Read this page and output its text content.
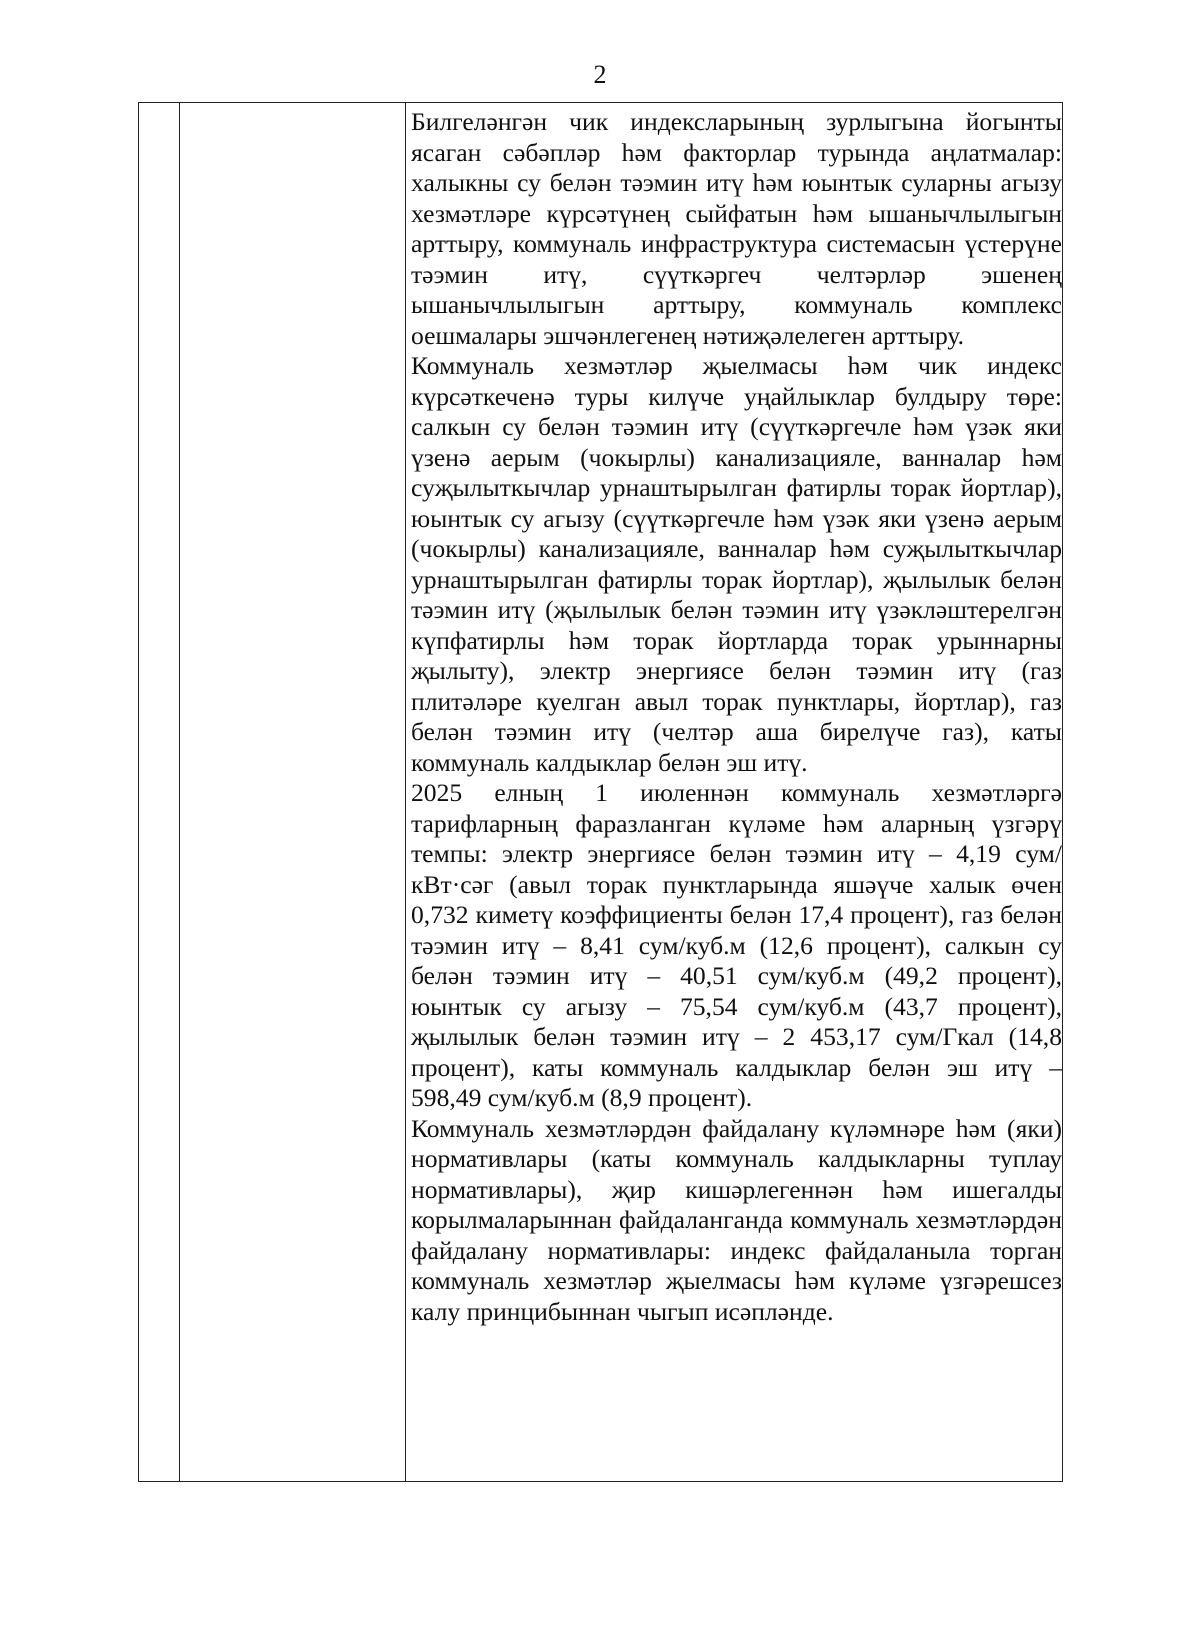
2

Билгеләнгән чик индексларының зурлыгына йогынты ясаган сәбәпләр һәм факторлар турында аңлатмалар: халыкны су белән тәэмин итү һәм юынтык суларны агызу хезмәтләре күрсәтүнең сыйфатын һәм ышанычлылыгын арттыру, коммуналь инфраструктура системасын үстерүне тәэмин итү, сүүткәргеч челтәрләр эшенең ышанычлылыгын арттыру, коммуналь комплекс оешмалары эшчәнлегенең нәтиҗәлелеген арттыру.

Коммуналь хезмәтләр җыелмасы һәм чик индекс күрсәткеченә туры килүче уңайлыклар булдыру төре: салкын су белән тәэмин итү (сүүткәргечле һәм үзәк яки үзенә аерым (чокырлы) канализацияле, ванналар һәм суҗылыткычлар урнаштырылган фатирлы торак йортлар), юынтык су агызу (сүүткәргечле һәм үзәк яки үзенә аерым (чокырлы) канализацияле, ванналар һәм суҗылыткычлар урнаштырылган фатирлы торак йортлар), җылылык белән тәэмин итү (җылылык белән тәэмин итү үзәкләштерелгән күпфатирлы һәм торак йортларда торак урыннарны җылыту), электр энергиясе белән тәэмин итү (газ плитәләре куелган авыл торак пунктлары, йортлар), газ белән тәэмин итү (челтәр аша бирелүче газ), каты коммуналь калдыклар белән эш итү.

2025 елның 1 июленнән коммуналь хезмәтләргә тарифларның фаразланган күләме һәм аларның үзгәрү темпы: электр энергиясе белән тәэмин итү – 4,19 сум/кВт·сәг (авыл торак пунктларында яшәүче халык өчен 0,732 киметү коэффициенты белән 17,4 процент), газ белән тәэмин итү – 8,41 сум/куб.м (12,6 процент), салкын су белән тәэмин итү – 40,51 сум/куб.м (49,2 процент), юынтык су агызу – 75,54 сум/куб.м (43,7 процент), җылылык белән тәэмин итү – 2 453,17 сум/Гкал (14,8 процент), каты коммуналь калдыклар белән эш итү – 598,49 сум/куб.м (8,9 процент).

Коммуналь хезмәтләрдән файдалану күләмнәре һәм (яки) нормативлары (каты коммуналь калдыкларны туплау нормативлары), җир кишәрлегеннән һәм ишегалды корылмаларыннан файдаланганда коммуналь хезмәтләрдән файдалану нормативлары: индекс файдаланыла торган коммуналь хезмәтләр җыелмасы һәм күләме үзгәрешсез калу принцибыннан чыгып исәпләнде.
